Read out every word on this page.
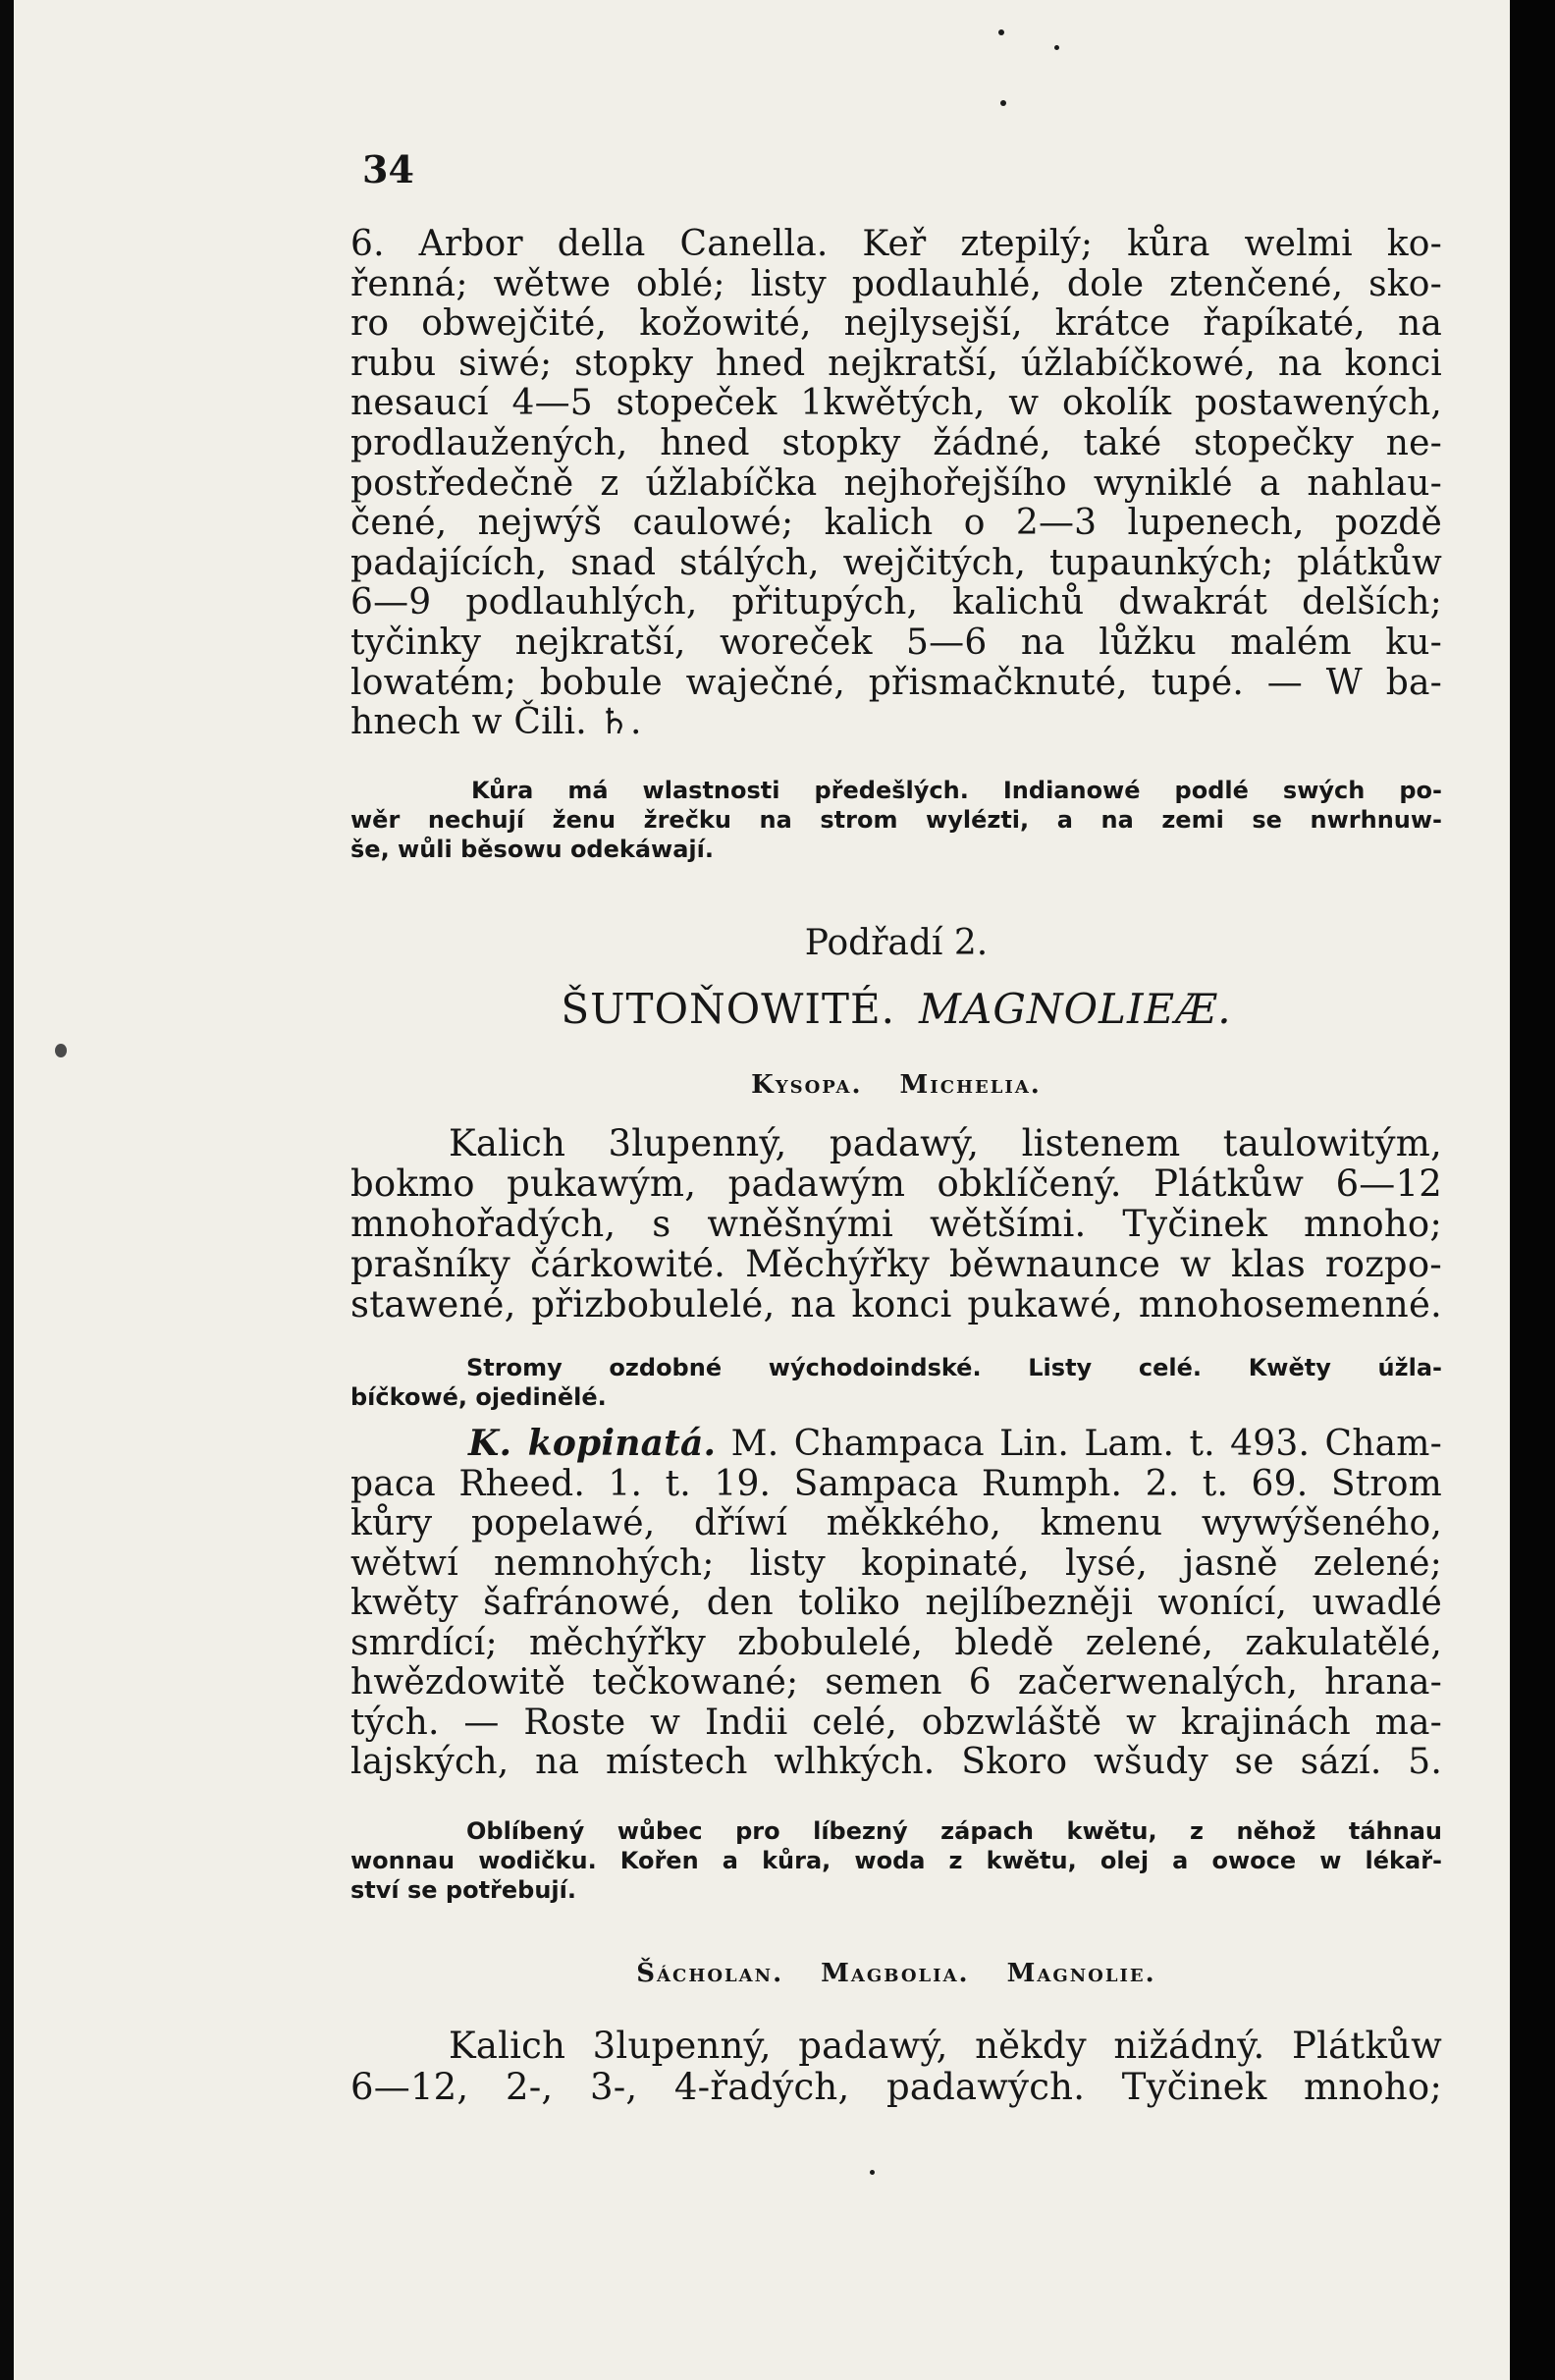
34

6. Arbor della Canella. Keř ztepilý; kůra welmi ko-
řenná; wětwe oblé; listy podlauhlé, dole ztenčené, sko-
ro obwejčité, kožowité, nejlysejší, krátce řapíkaté, na
rubu siwé; stopky hned nejkratší, úžlabíčkowé, na konci
nesaucí 4—5 stopeček 1kwětých, w okolík postawených,
prodlaužených, hned stopky žádné, také stopečky ne-
postředečně z úžlabíčka nejhořejšího wyniklé a nahlau-
čené, nejwýš caulowé; kalich o 2—3 lupenech, pozdě
padajících, snad stálých, wejčitých, tupaunkých; plátkůw
6—9 podlauhlých, přitupých, kalichů dwakrát delších;
tyčinky nejkratší, woreček 5—6 na lůžku malém ku-
lowatém; bobule waječné, přismačknuté, tupé. — W ba-
hnech w Čili. ♄.

Kůra má wlastnosti předešlých. Indianowé podlé swých po-
wěr nechují ženu žrečku na strom wylézti, a na zemi se nwrhnuw-
še, wůli běsowu odekáwají.

Podřadí 2.

ŠUTOŇOWITÉ. MAGNOLIEÆ.

Kysopa. Michelia.

Kalich 3lupenný, padawý, listenem taulowitým,
bokmo pukawým, padawým obklíčený. Plátkůw 6—12
mnohořadých, s wněšnými wětšími. Tyčinek mnoho;
prašníky čárkowité. Měchýřky běwnaunce w klas rozpo-
stawené, přizbobulelé, na konci pukawé, mnohosemenné.

Stromy ozdobné wýchodoindské. Listy celé. Kwěty úžla-
bíčkowé, ojedinělé.

K. kopinatá. M. Champaca Lin. Lam. t. 493. Cham-
paca Rheed. 1. t. 19. Sampaca Rumph. 2. t. 69. Strom
kůry popelawé, dříwí měkkého, kmenu wywýšeného,
wětwí nemnohých; listy kopinaté, lysé, jasně zelené;
kwěty šafránowé, den toliko nejlíbezněji wonící, uwadlé
smrdící; měchýřky zbobulelé, bledě zelené, zakulatělé,
hwězdowitě tečkowané; semen 6 začerwenalých, hrana-
tých. — Roste w Indii celé, obzwláště w krajinách ma-
lajských, na místech wlhkých. Skoro wšudy se sází. 5.

Oblíbený wůbec pro líbezný zápach kwětu, z něhož táhnau
wonnau wodičku. Kořen a kůra, woda z kwětu, olej a owoce w lékař-
ství se potřebují.

Šácholan. Magbolia. Magnolie.

Kalich 3lupenný, padawý, někdy nižádný. Plátkůw
6—12, 2-, 3-, 4-řadých, padawých. Tyčinek mnoho;
